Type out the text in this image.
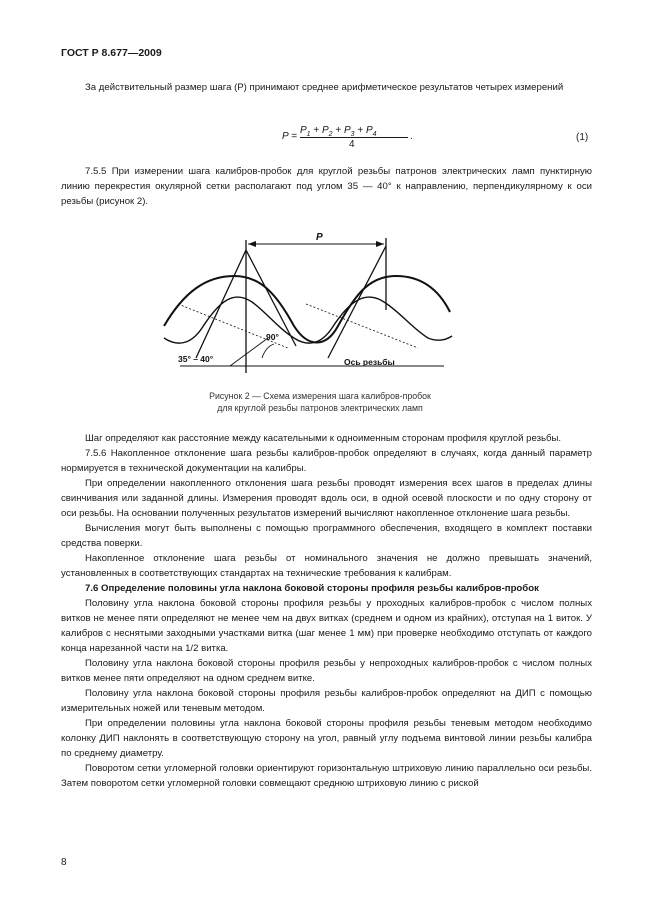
ГОСТ Р 8.677—2009
За действительный размер шага (P) принимают среднее арифметическое результатов четырех измерений
P =
$P_1 + P_2 + P_3 + P_4$
4
.	(1)
7.5.5 При измерении шага калибров-пробок для круглой резьбы патронов электрических ламп пунктирную линию перекрестия окулярной сетки располагают под углом 35 — 40° к направлению, перпендикулярному к оси резьбы (рисунок 2).
P
35° – 40°
90°
Ось резьбы
Рисунок 2 — Схема измерения шага калибров-пробок
для круглой резьбы патронов электрических ламп
Шаг определяют как расстояние между касательными к одноименным сторонам профиля круглой резьбы.
7.5.6 Накопленное отклонение шага резьбы калибров-пробок определяют в случаях, когда данный параметр нормируется в технической документации на калибры.
При определении накопленного отклонения шага резьбы проводят измерения всех шагов в пределах длины свинчивания или заданной длины. Измерения проводят вдоль оси, в одной осевой плоскости и по одну сторону от оси резьбы. На основании полученных результатов измерений вычисляют накопленное отклонение шага резьбы.
Вычисления могут быть выполнены с помощью программного обеспечения, входящего в комплект поставки средства поверки.
Накопленное отклонение шага резьбы от номинального значения не должно превышать значений, установленных в соответствующих стандартах на технические требования к калибрам.
7.6 Определение половины угла наклона боковой стороны профиля резьбы калибров-пробок
Половину угла наклона боковой стороны профиля резьбы у проходных калибров-пробок с числом полных витков не менее пяти определяют не менее чем на двух витках (среднем и одном из крайних), отступая на 1 виток. У калибров с неснятыми заходными участками витка (шаг менее 1 мм) при проверке необходимо отступать от каждого конца нарезанной части на 1/2 витка.
Половину угла наклона боковой стороны профиля резьбы у непроходных калибров-пробок с числом полных витков менее пяти определяют на одном среднем витке.
Половину угла наклона боковой стороны профиля резьбы калибров-пробок определяют на ДИП с помощью измерительных ножей или теневым методом.
При определении половины угла наклона боковой стороны профиля резьбы теневым методом необходимо колонку ДИП наклонять в соответствующую сторону на угол, равный углу подъема винтовой линии резьбы калибра по среднему диаметру.
Поворотом сетки угломерной головки ориентируют горизонтальную штриховую линию параллельно оси резьбы. Затем поворотом сетки угломерной головки совмещают среднюю штриховую линию с риской
8
